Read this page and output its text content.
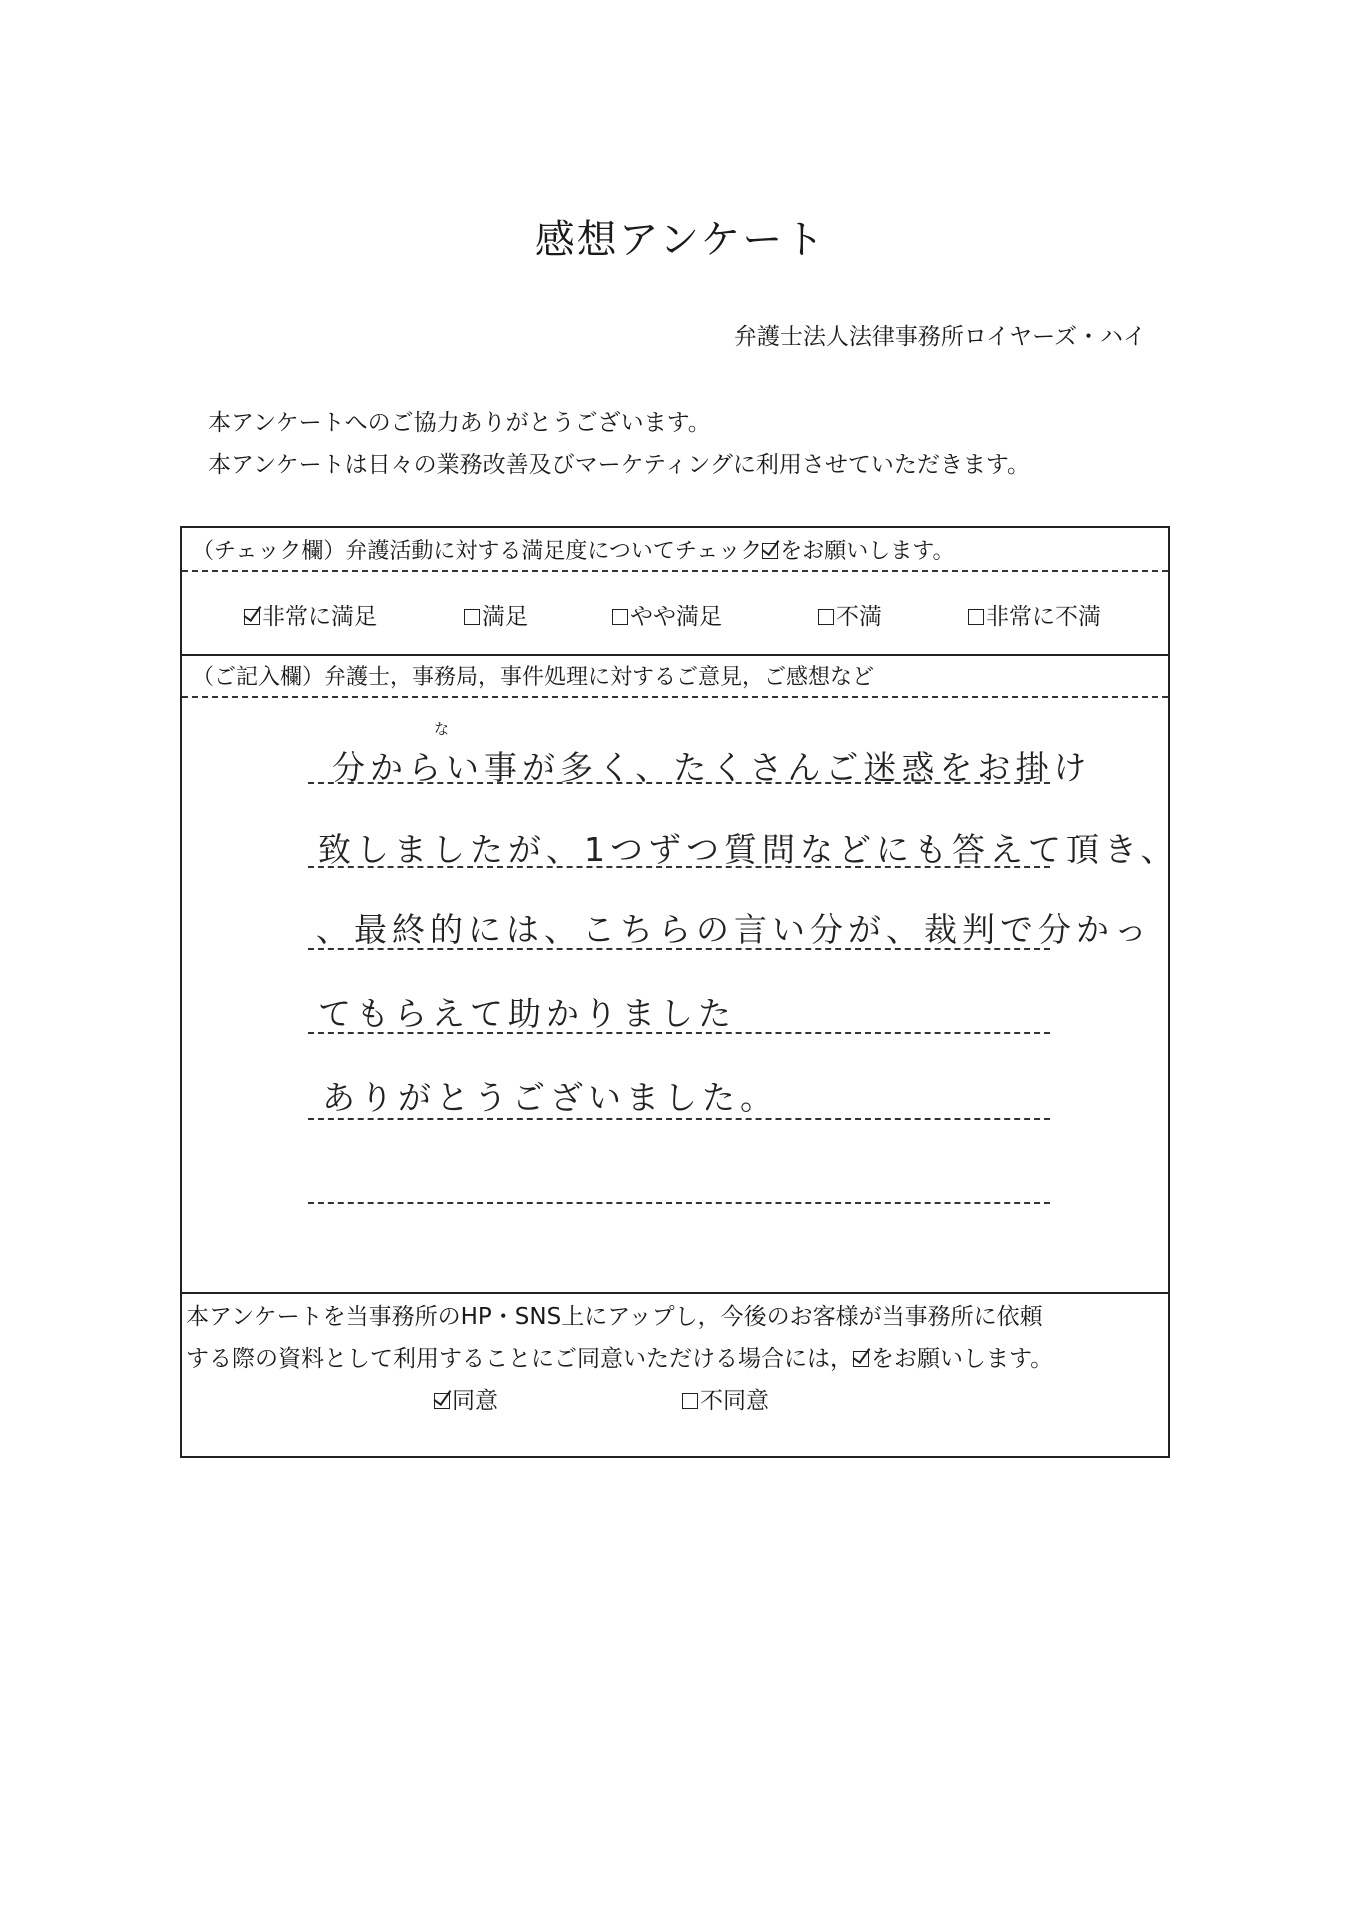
感想アンケート
弁護士法人法律事務所ロイヤーズ・ハイ
本アンケートへのご協力ありがとうございます。
本アンケートは日々の業務改善及びマーケティングに利用させていただきます。
（チェック欄）弁護活動に対する満足度についてチェック をお願いします。
非常に満足	満足	やや満足	不満	非常に不満
（ご記入欄）弁護士，事務局，事件処理に対するご意見，ご感想など
な
分からい事が多く、たくさんご迷惑をお掛け
致しましたが、1つずつ質問などにも答えて頂き、
、最終的には、こちらの言い分が、裁判で分かっ
てもらえて助かりました
ありがとうございました。
本アンケートを当事務所のHP・SNS上にアップし，今後のお客様が当事務所に依頼
する際の資料として利用することにご同意いただける場合には， をお願いします。
同意	不同意
